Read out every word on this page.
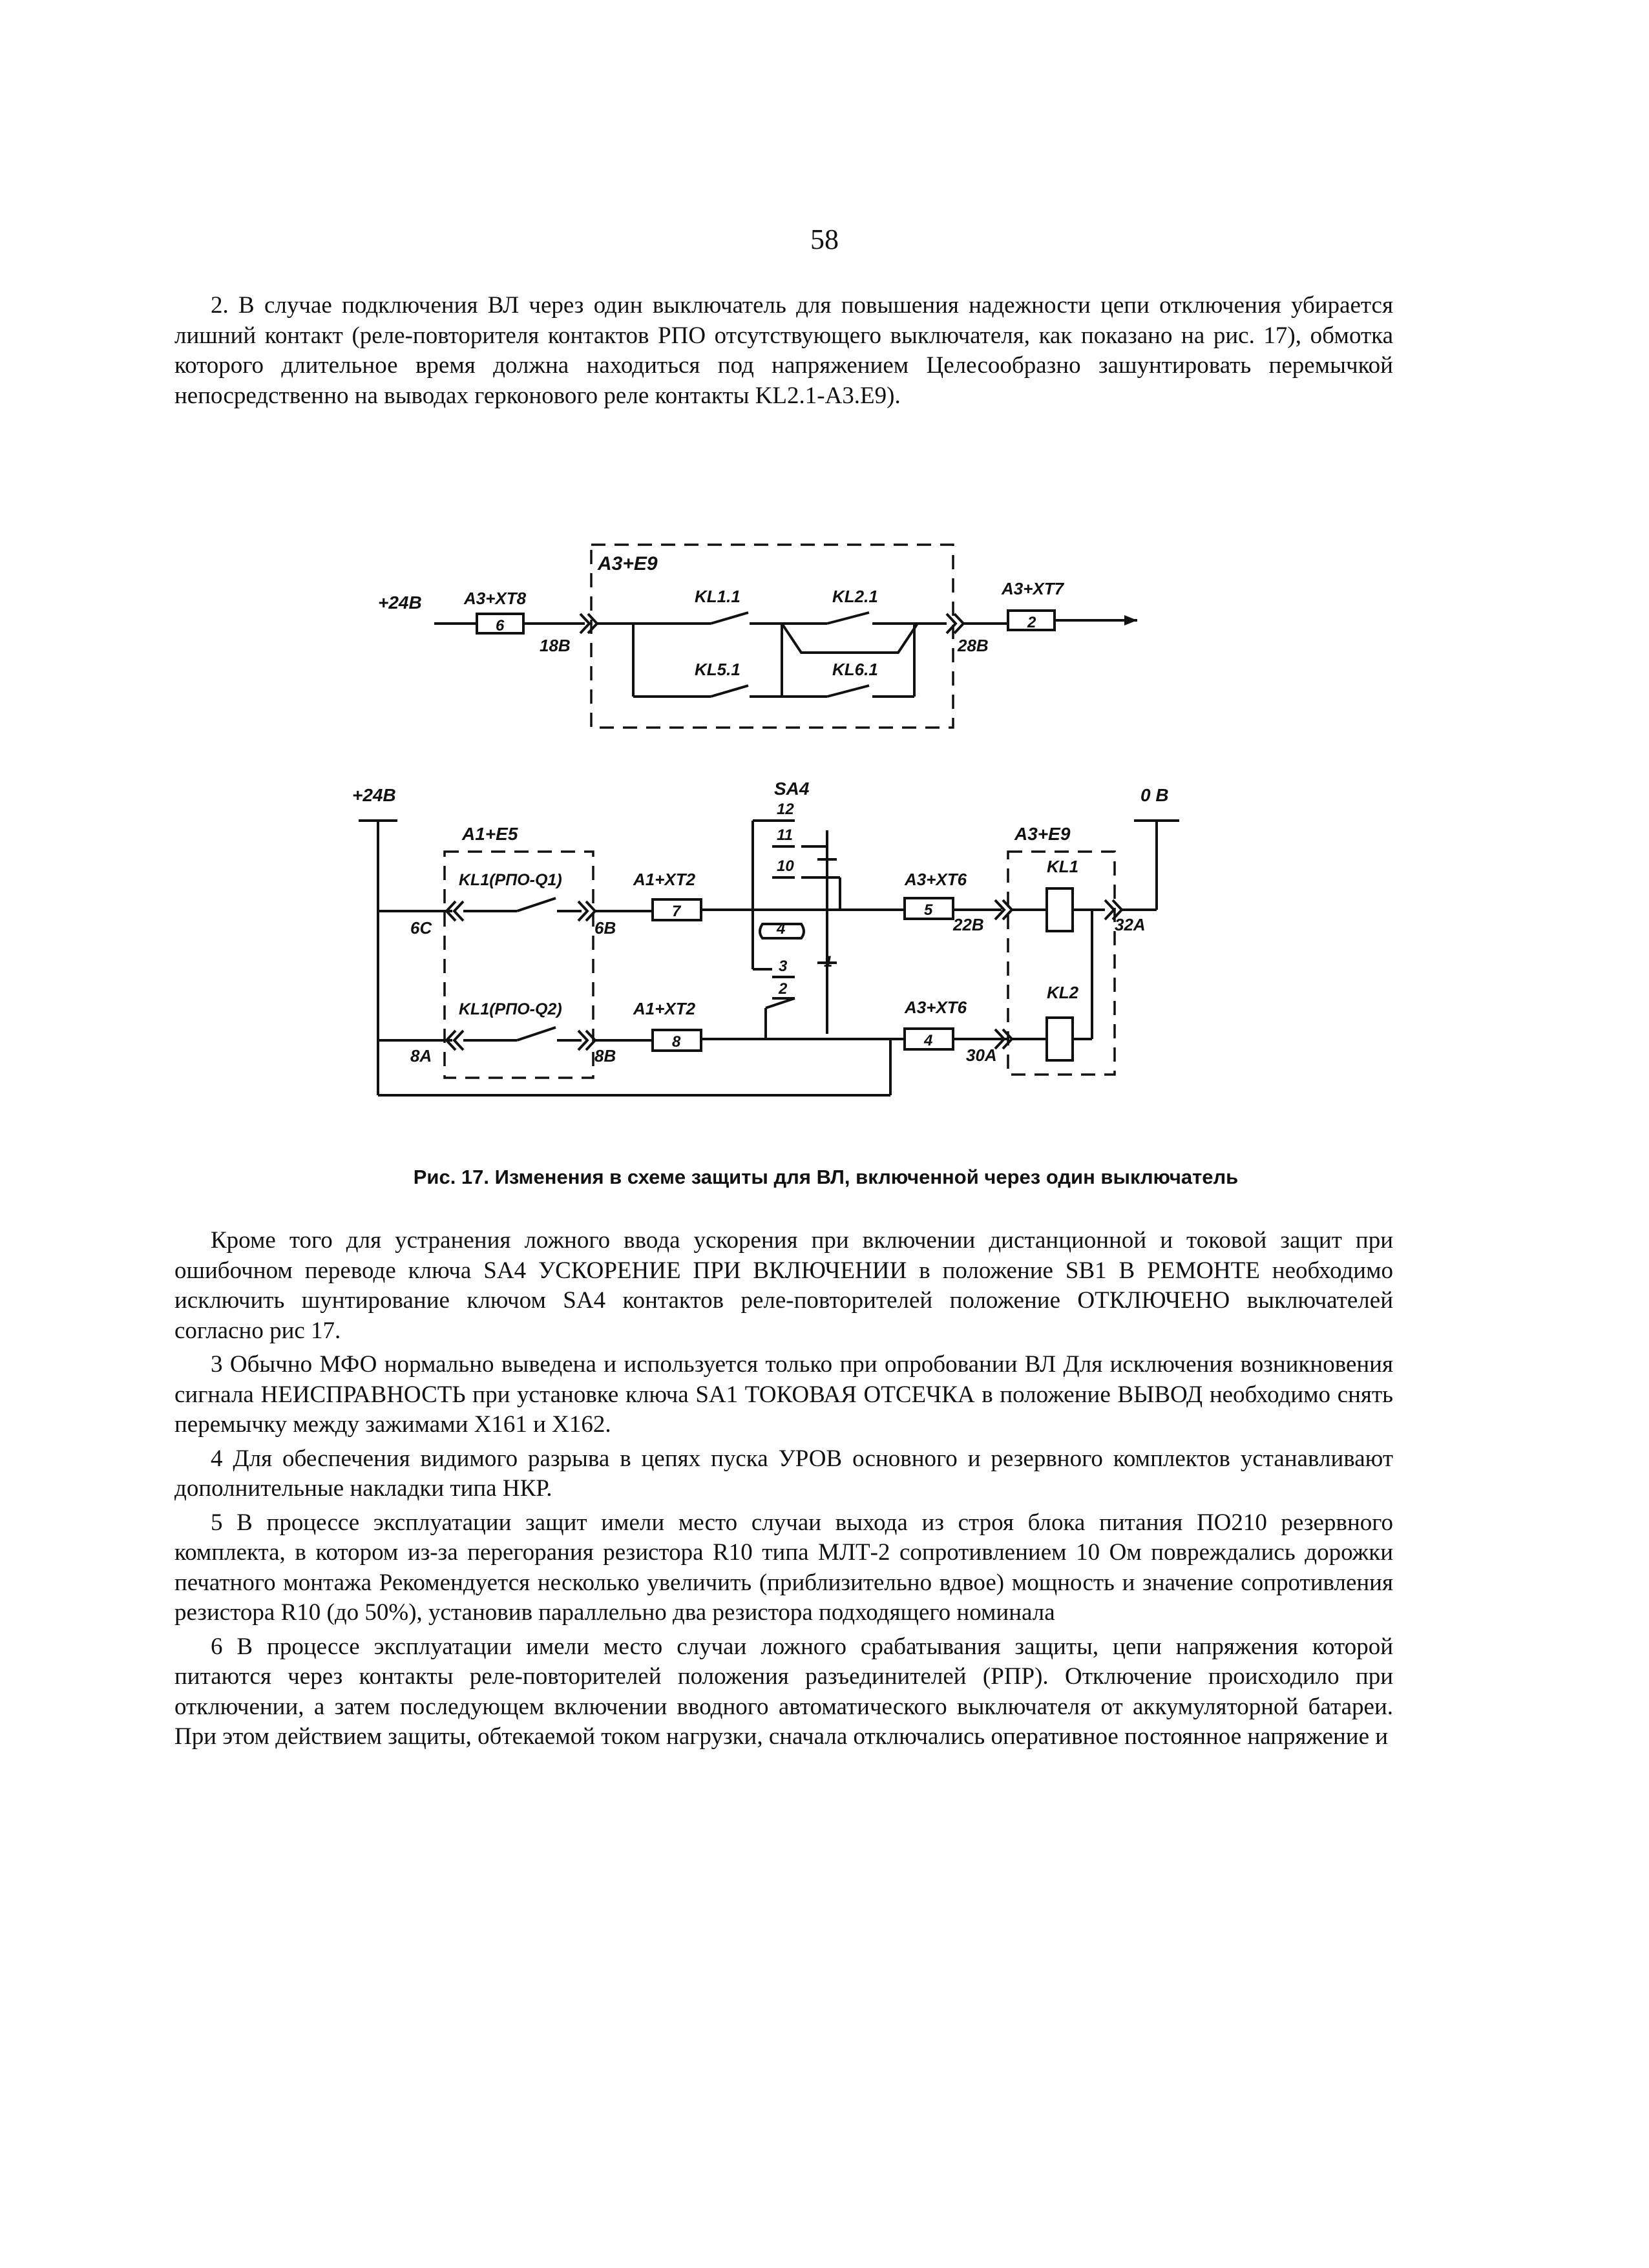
58

2. В случае подключения ВЛ через один выключатель для повышения надежности цепи отключения убирается лишний контакт (реле-повторителя контактов РПО отсутствующего выключателя, как показано на рис. 17), обмотка которого длительное время должна находиться под напряжением Целесообразно зашунтировать перемычкой непосредственно на выводах герконового реле контакты KL2.1-А3.Е9).

А3+Е9
+24В	А3+ХТ8
6
18В
KL1.1
KL5.1
KL2.1
KL6.1
28В
А3+ХТ7
2
+24В
А1+Е5
6С
KL1(РПО-Q1)
6В
А1+ХТ2
7
8А
KL1(РПО-Q2)
8В
А1+ХТ2
8
SA4
12
11
10
4
3
2
1
А3+ХТ6
5
22В
А3+ХТ6
4
30А
А3+Е9
KL1
KL2
32А
0 В
Рис. 17. Изменения в схеме защиты для ВЛ, включенной через один выключатель

Кроме того для устранения ложного ввода ускорения при включении дистанционной и токовой защит при ошибочном переводе ключа SA4 УСКОРЕНИЕ ПРИ ВКЛЮЧЕНИИ в положение SB1 В РЕМОНТЕ необходимо исключить шунтирование ключом SA4 контактов реле-повторителей положение ОТКЛЮЧЕНО выключателей согласно рис 17.

3 Обычно МФО нормально выведена и используется только при опробовании ВЛ Для исключения возникновения сигнала НЕИСПРАВНОСТЬ при установке ключа SA1 ТОКОВАЯ ОТСЕЧКА в положение ВЫВОД необходимо снять перемычку между зажимами X161 и X162.

4 Для обеспечения видимого разрыва в цепях пуска УРОВ основного и резервного комплектов устанавливают дополнительные накладки типа НКР.

5 В процессе эксплуатации защит имели место случаи выхода из строя блока питания ПО210 резервного комплекта, в котором из-за перегорания резистора R10 типа МЛТ-2 сопротивлением 10 Ом повреждались дорожки печатного монтажа Рекомендуется несколько увеличить (приблизительно вдвое) мощность и значение сопротивления резистора R10 (до 50%), установив параллельно два резистора подходящего номинала

6 В процессе эксплуатации имели место случаи ложного срабатывания защиты, цепи напряжения которой питаются через контакты реле-повторителей положения разъединителей (РПР). Отключение происходило при отключении, а затем последующем включении вводного автоматического выключателя от аккумуляторной батареи. При этом действием защиты, обтекаемой током нагрузки, сначала отключались оперативное постоянное напряжение и
